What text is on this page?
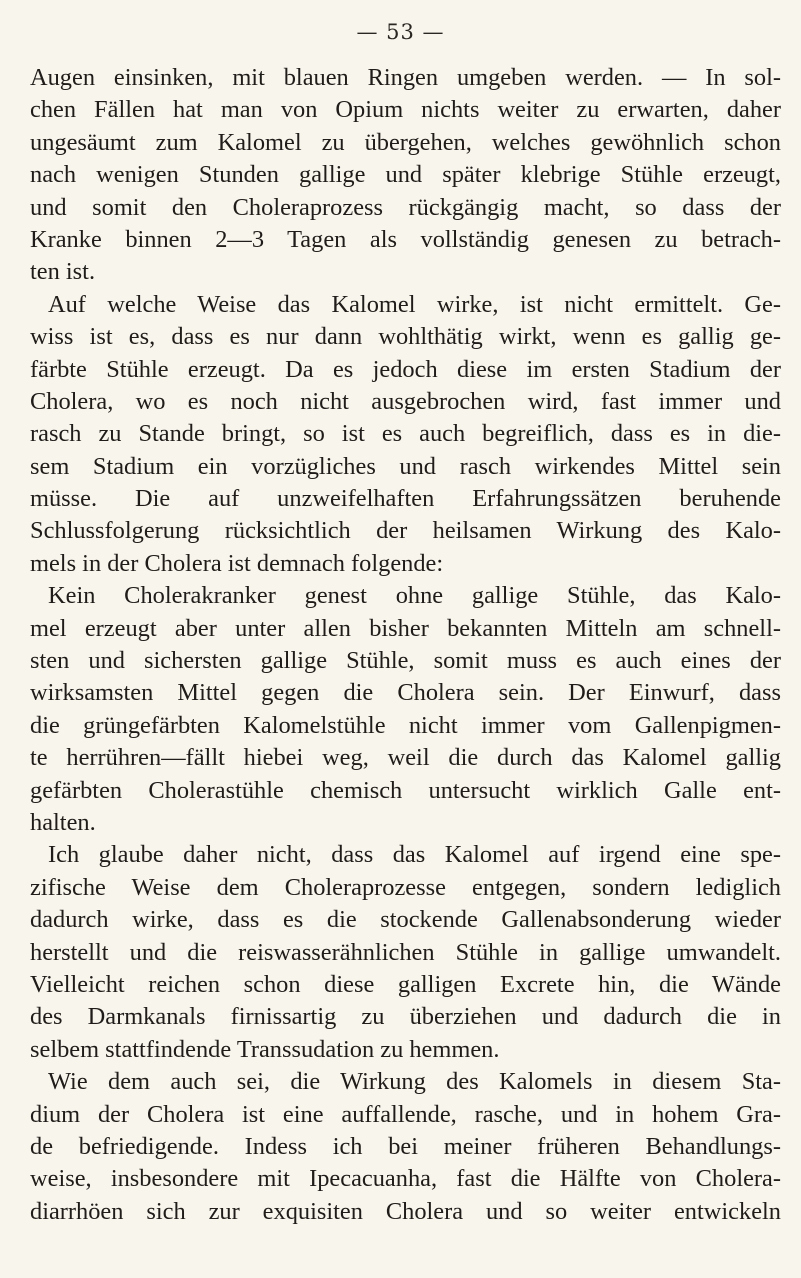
— 53 —
Augen einsinken, mit blauen Ringen umgeben werden. — In sol-
chen Fällen hat man von Opium nichts weiter zu erwarten, daher
ungesäumt zum Kalomel zu übergehen, welches gewöhnlich schon
nach wenigen Stunden gallige und später klebrige Stühle erzeugt,
und somit den Choleraprozess rückgängig macht, so dass der
Kranke binnen 2—3 Tagen als vollständig genesen zu betrach-
ten ist.
Auf welche Weise das Kalomel wirke, ist nicht ermittelt. Ge-
wiss ist es, dass es nur dann wohlthätig wirkt, wenn es gallig ge-
färbte Stühle erzeugt. Da es jedoch diese im ersten Stadium der
Cholera, wo es noch nicht ausgebrochen wird, fast immer und
rasch zu Stande bringt, so ist es auch begreiflich, dass es in die-
sem Stadium ein vorzügliches und rasch wirkendes Mittel sein
müsse. Die auf unzweifelhaften Erfahrungssätzen beruhende
Schlussfolgerung rücksichtlich der heilsamen Wirkung des Kalo-
mels in der Cholera ist demnach folgende:
Kein Cholerakranker genest ohne gallige Stühle, das Kalo-
mel erzeugt aber unter allen bisher bekannten Mitteln am schnell-
sten und sichersten gallige Stühle, somit muss es auch eines der
wirksamsten Mittel gegen die Cholera sein. Der Einwurf, dass
die grüngefärbten Kalomelstühle nicht immer vom Gallenpigmen-
te herrühren—fällt hiebei weg, weil die durch das Kalomel gallig
gefärbten Cholerastühle chemisch untersucht wirklich Galle ent-
halten.
Ich glaube daher nicht, dass das Kalomel auf irgend eine spe-
zifische Weise dem Choleraprozesse entgegen, sondern lediglich
dadurch wirke, dass es die stockende Gallenabsonderung wieder
herstellt und die reiswasserähnlichen Stühle in gallige umwandelt.
Vielleicht reichen schon diese galligen Excrete hin, die Wände
des Darmkanals firnissartig zu überziehen und dadurch die in
selbem stattfindende Transsudation zu hemmen.
Wie dem auch sei, die Wirkung des Kalomels in diesem Sta-
dium der Cholera ist eine auffallende, rasche, und in hohem Gra-
de befriedigende. Indess ich bei meiner früheren Behandlungs-
weise, insbesondere mit Ipecacuanha, fast die Hälfte von Cholera-
diarrhöen sich zur exquisiten Cholera und so weiter entwickeln
